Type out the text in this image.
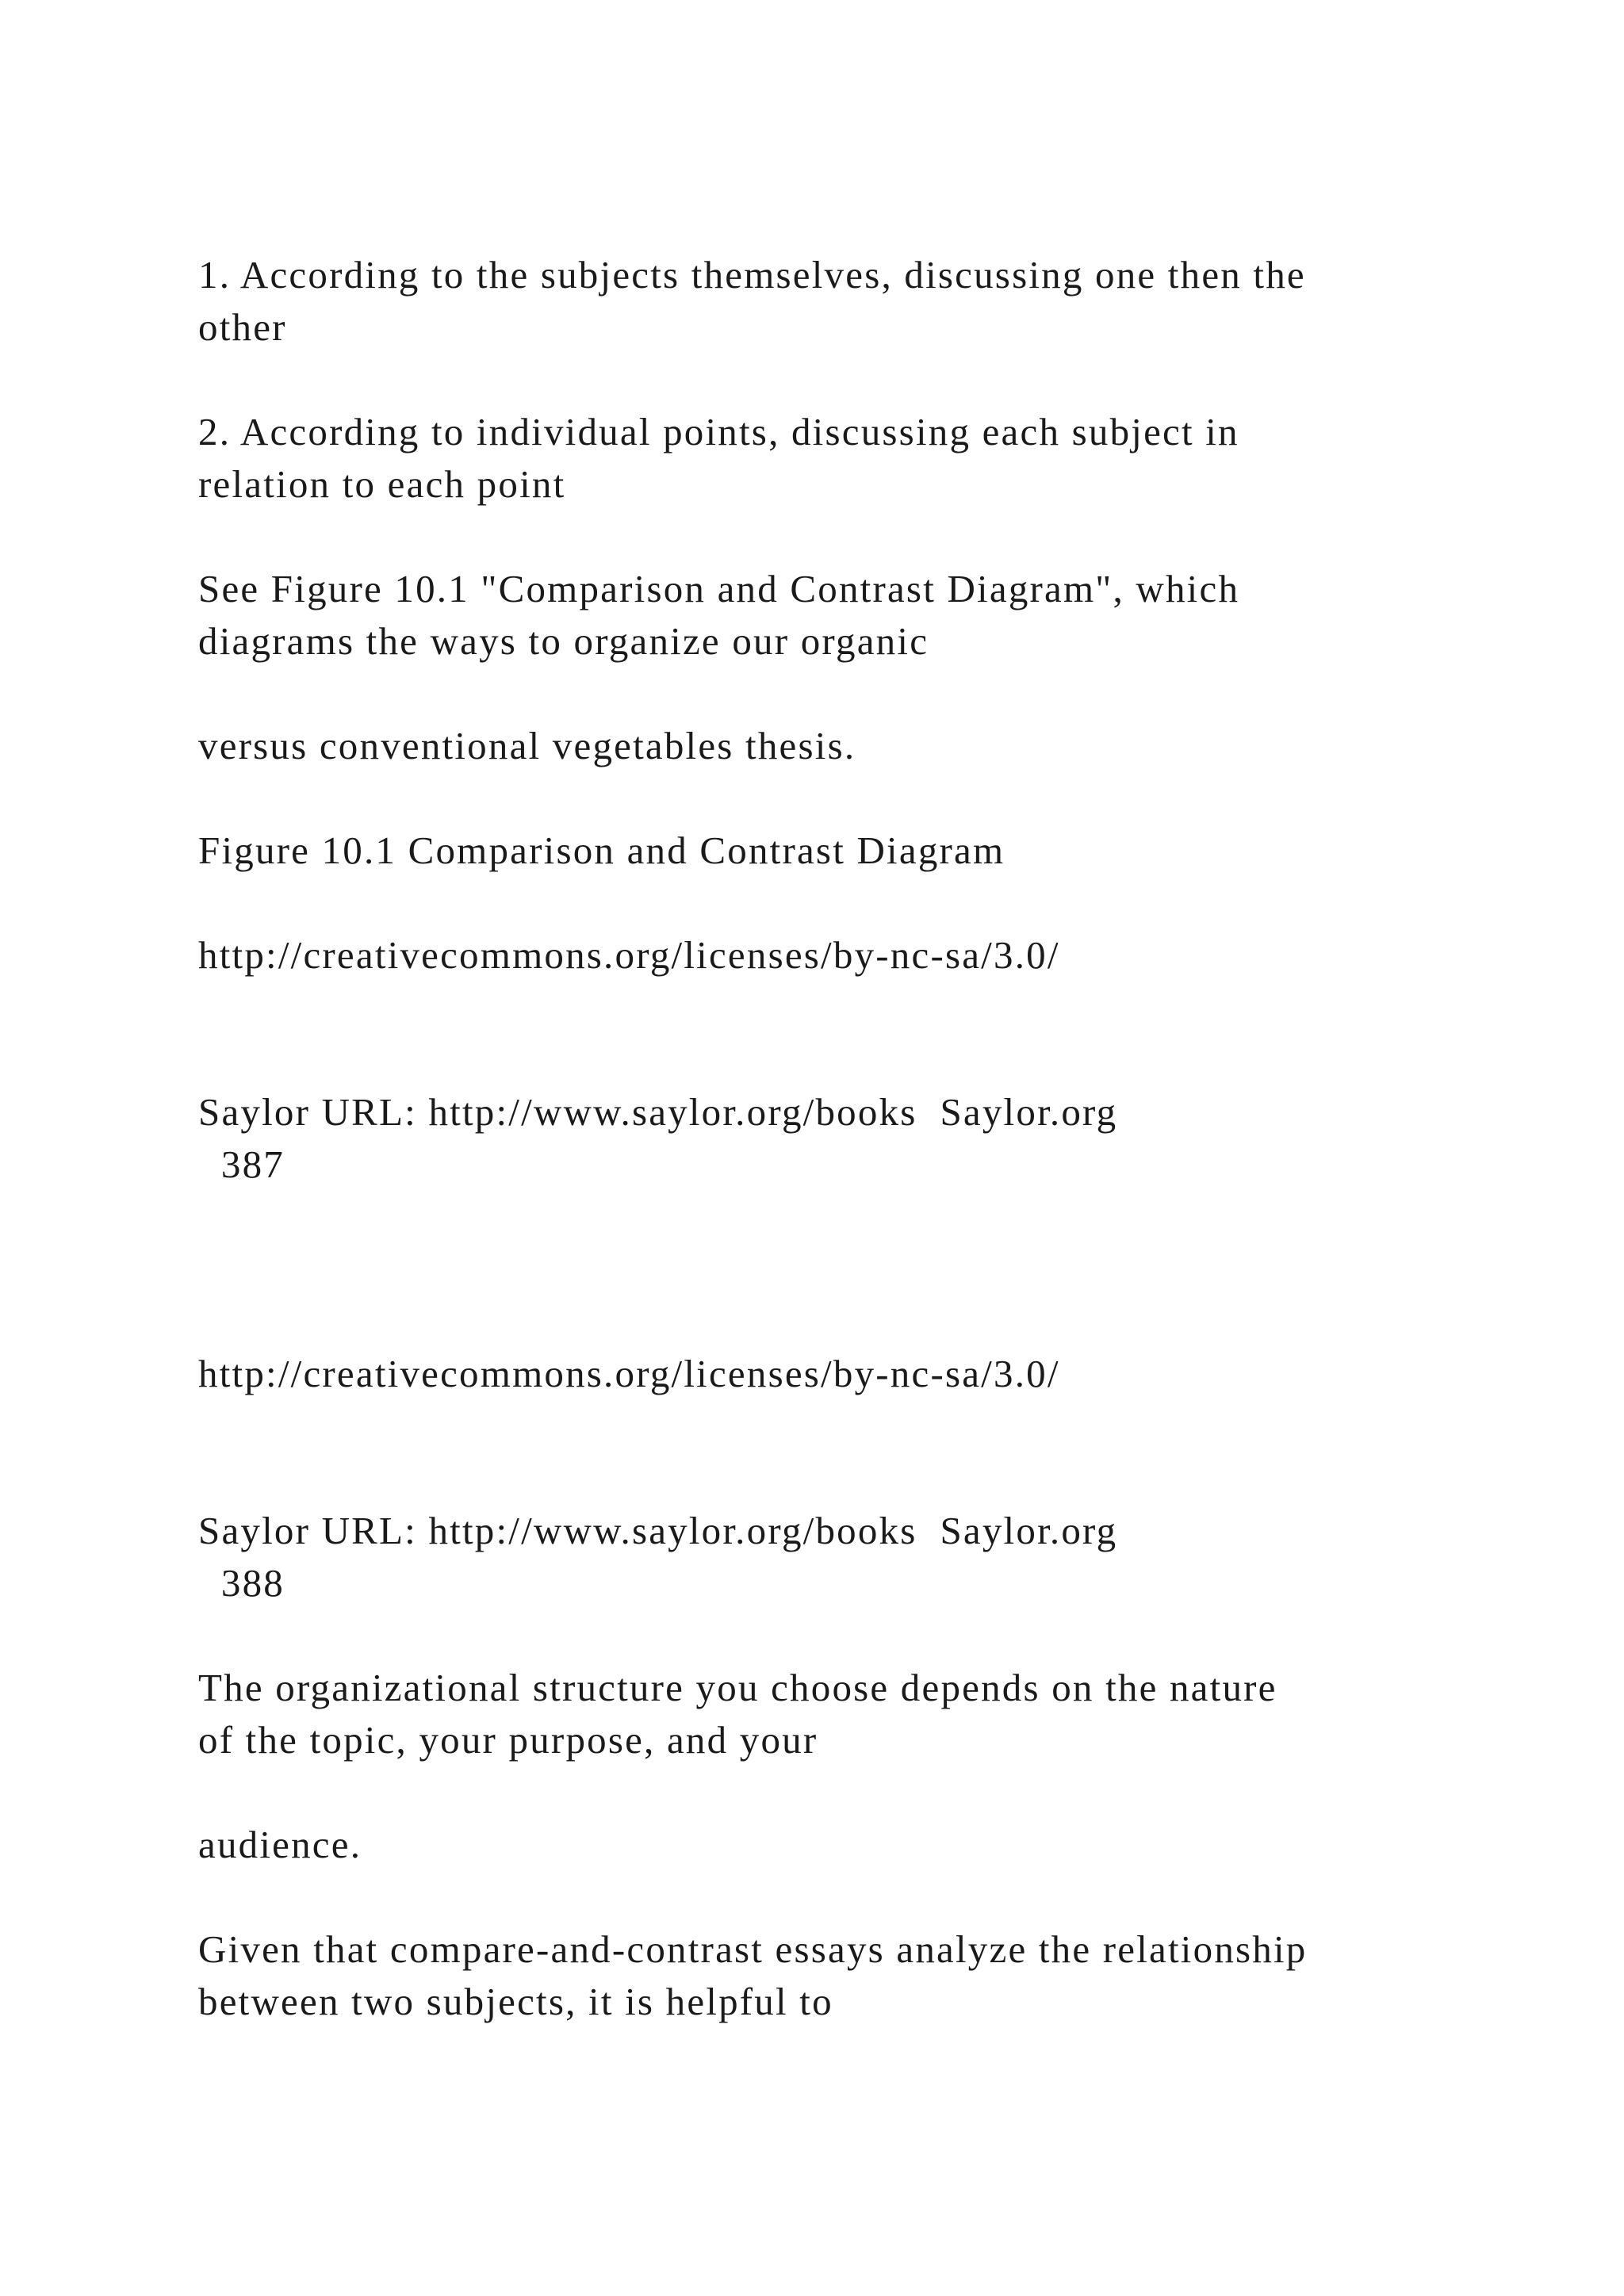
1. According to the subjects themselves, discussing one then the

other

2. According to individual points, discussing each subject in

relation to each point

See Figure 10.1 "Comparison and Contrast Diagram", which

diagrams the ways to organize our organic

versus conventional vegetables thesis.

Figure 10.1 Comparison and Contrast Diagram

http://creativecommons.org/licenses/by-nc-sa/3.0/

Saylor URL: http://www.saylor.org/books  Saylor.org

387

http://creativecommons.org/licenses/by-nc-sa/3.0/

Saylor URL: http://www.saylor.org/books  Saylor.org

388

The organizational structure you choose depends on the nature

of the topic, your purpose, and your

audience.

Given that compare-and-contrast essays analyze the relationship

between two subjects, it is helpful to
